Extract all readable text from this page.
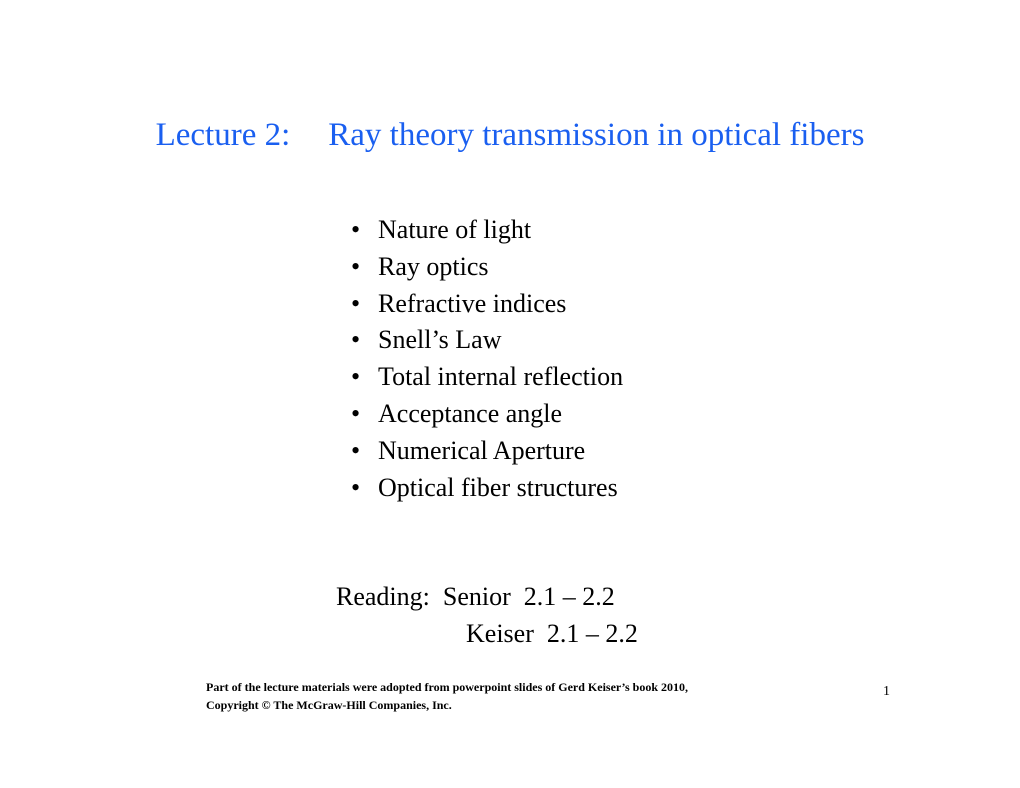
Lecture 2: Ray theory transmission in optical fibers
• Nature of light
• Ray optics
• Refractive indices
• Snell’s Law
• Total internal reflection
• Acceptance angle
• Numerical Aperture
• Optical fiber structures
Reading:  Senior  2.1 – 2.2
Keiser  2.1 – 2.2
Part of the lecture materials were adopted from powerpoint slides of Gerd Keiser’s book 2010,
Copyright © The McGraw-Hill Companies, Inc.
1
